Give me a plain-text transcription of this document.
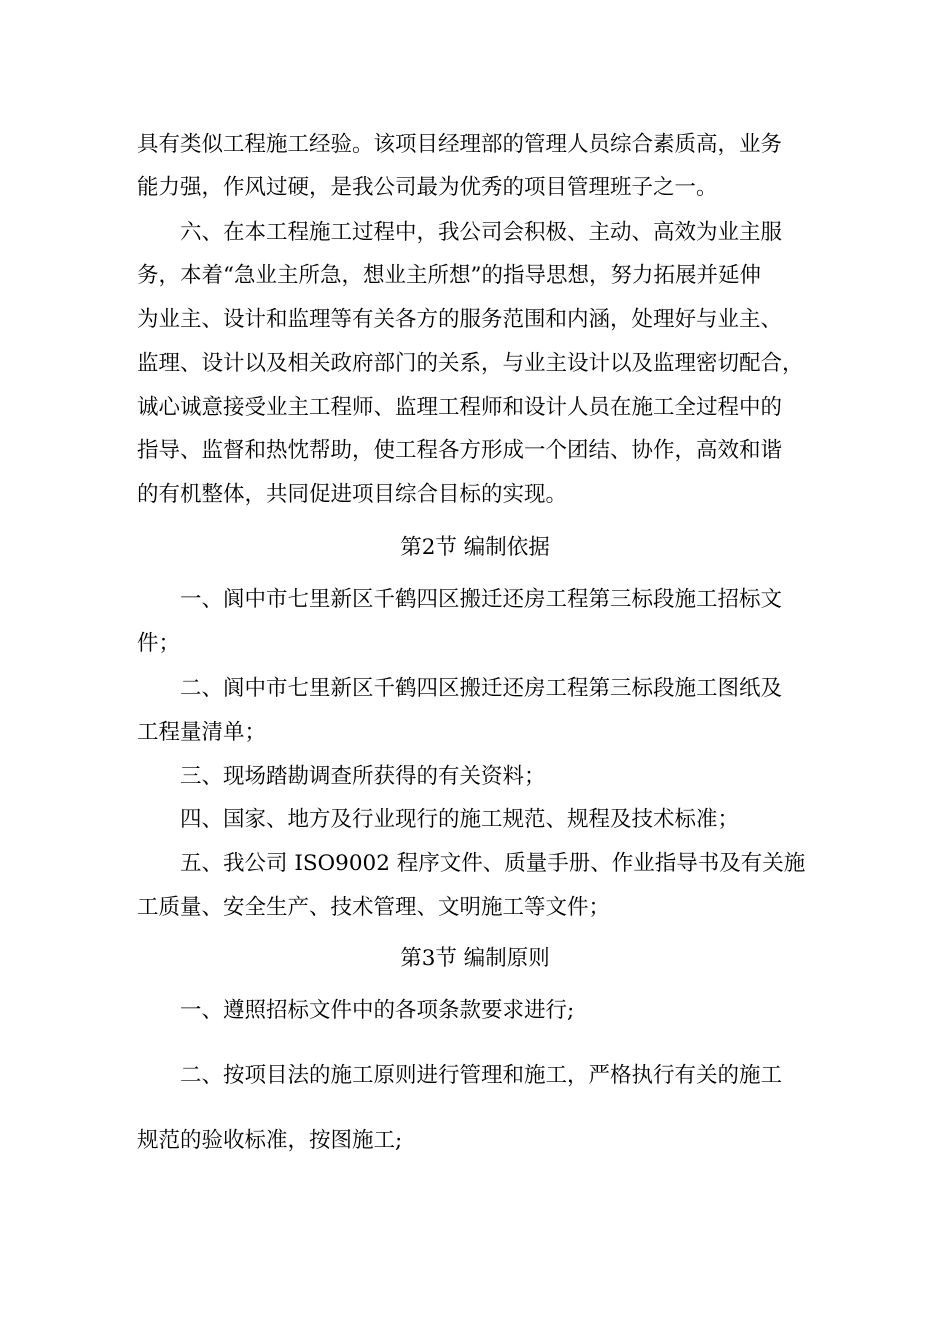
具有类似工程施工经验。该项目经理部的管理人员综合素质高，业务
能力强，作风过硬，是我公司最为优秀的项目管理班子之一。
六、在本工程施工过程中，我公司会积极、主动、高效为业主服
务，本着“急业主所急，想业主所想”的指导思想，努力拓展并延伸
为业主、设计和监理等有关各方的服务范围和内涵，处理好与业主、
监理、设计以及相关政府部门的关系，与业主设计以及监理密切配合，
诚心诚意接受业主工程师、监理工程师和设计人员在施工全过程中的
指导、监督和热忱帮助，使工程各方形成一个团结、协作，高效和谐
的有机整体，共同促进项目综合目标的实现。
第2节 编制依据
一、阆中市七里新区千鹤四区搬迁还房工程第三标段施工招标文
件；
二、阆中市七里新区千鹤四区搬迁还房工程第三标段施工图纸及
工程量清单；
三、现场踏勘调查所获得的有关资料；
四、国家、地方及行业现行的施工规范、规程及技术标准；
五、我公司 ISO9002 程序文件、质量手册、作业指导书及有关施
工质量、安全生产、技术管理、文明施工等文件；
第3节 编制原则
一、遵照招标文件中的各项条款要求进行;
二、按项目法的施工原则进行管理和施工，严格执行有关的施工
规范的验收标准，按图施工;
